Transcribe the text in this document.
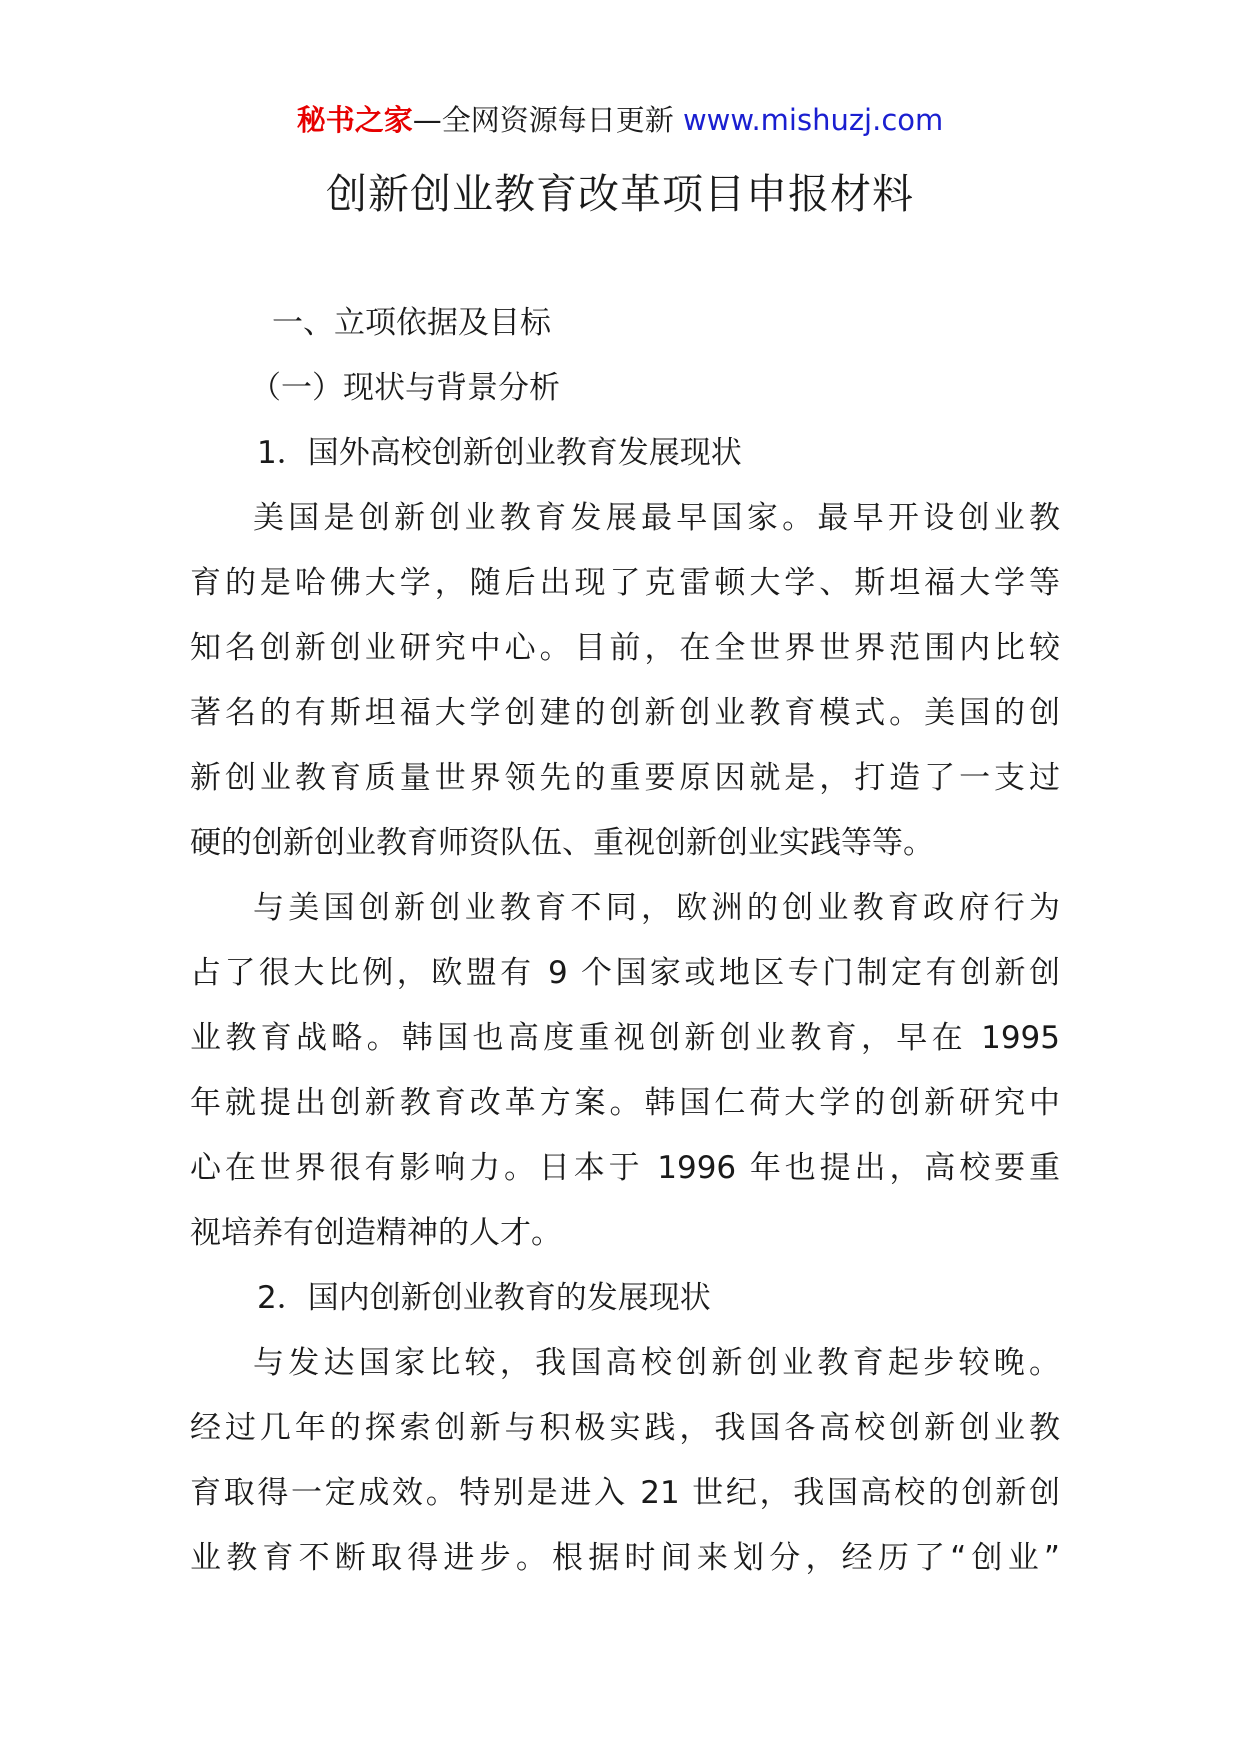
秘书之家—全网资源每日更新 www.mishuzj.com
创新创业教育改革项目申报材料

一、立项依据及目标

（一）现状与背景分析

1．国外高校创新创业教育发展现状

美国是创新创业教育发展最早国家。最早开设创业教
育的是哈佛大学，随后出现了克雷顿大学、斯坦福大学等
知名创新创业研究中心。目前，在全世界世界范围内比较
著名的有斯坦福大学创建的创新创业教育模式。美国的创
新创业教育质量世界领先的重要原因就是，打造了一支过
硬的创新创业教育师资队伍、重视创新创业实践等等。
与美国创新创业教育不同，欧洲的创业教育政府行为
占了很大比例，欧盟有 9 个国家或地区专门制定有创新创
业教育战略。韩国也高度重视创新创业教育，早在 1995
年就提出创新教育改革方案。韩国仁荷大学的创新研究中
心在世界很有影响力。日本于 1996 年也提出，高校要重
视培养有创造精神的人才。

2．国内创新创业教育的发展现状

与发达国家比较，我国高校创新创业教育起步较晚。
经过几年的探索创新与积极实践，我国各高校创新创业教
育取得一定成效。特别是进入 21 世纪，我国高校的创新创
业教育不断取得进步。根据时间来划分，经历了“创业”
